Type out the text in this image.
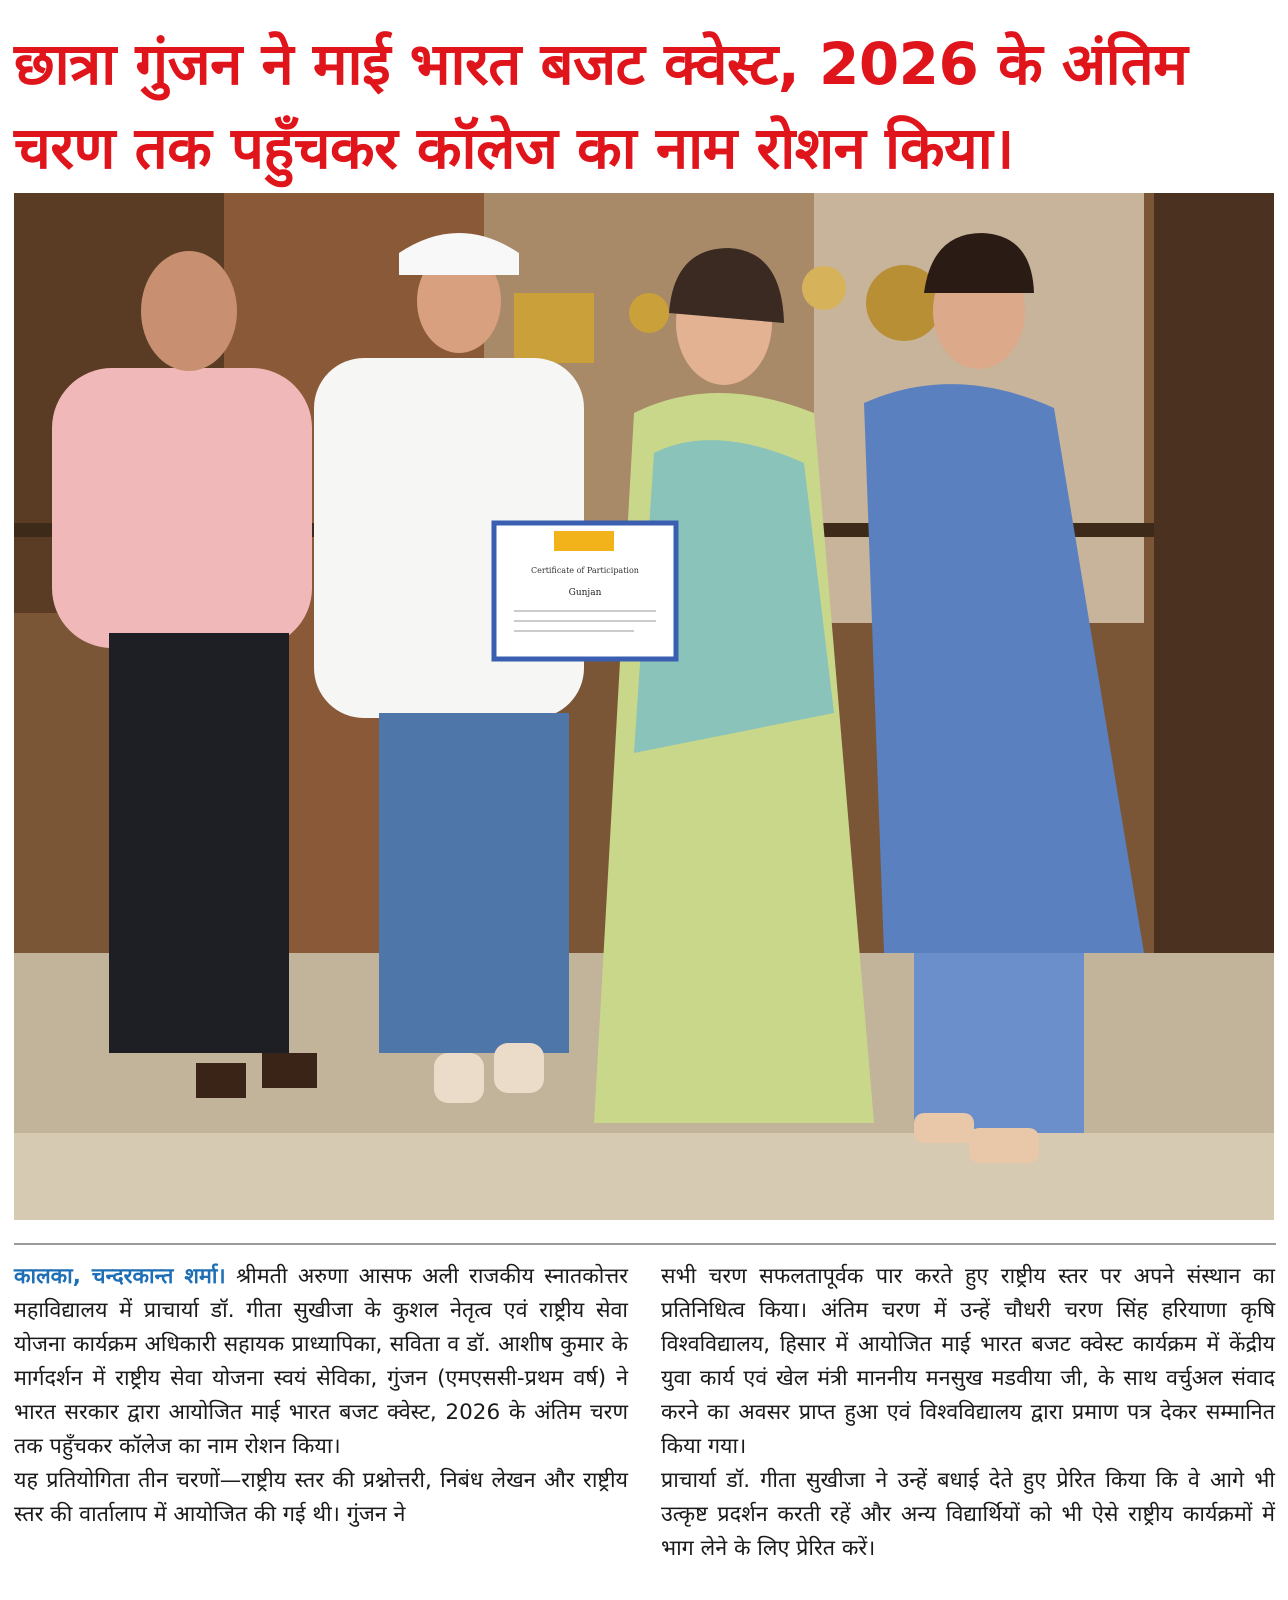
छात्रा गुंजन ने माई भारत बजट क्वेस्ट, 2026 के अंतिम
चरण तक पहुँचकर कॉलेज का नाम रोशन किया।
Certificate of Participation
Gunjan

कालका, चन्दरकान्त शर्मा। श्रीमती अरुणा आसफ अली राजकीय स्नातकोत्तर महाविद्यालय में प्राचार्या डॉ. गीता सुखीजा के कुशल नेतृत्व एवं राष्ट्रीय सेवा योजना कार्यक्रम अधिकारी सहायक प्राध्यापिका, सविता व डॉ. आशीष कुमार के मार्गदर्शन में राष्ट्रीय सेवा योजना स्वयं सेविका, गुंजन (एमएससी-प्रथम वर्ष) ने भारत सरकार द्वारा आयोजित माई भारत बजट क्वेस्ट, 2026 के अंतिम चरण तक पहुँचकर कॉलेज का नाम रोशन किया।

यह प्रतियोगिता तीन चरणों—राष्ट्रीय स्तर की प्रश्नोत्तरी, निबंध लेखन और राष्ट्रीय स्तर की वार्तालाप में आयोजित की गई थी। गुंजन ने

सभी चरण सफलतापूर्वक पार करते हुए राष्ट्रीय स्तर पर अपने संस्थान का प्रतिनिधित्व किया। अंतिम चरण में उन्हें चौधरी चरण सिंह हरियाणा कृषि विश्वविद्यालय, हिसार में आयोजित माई भारत बजट क्वेस्ट कार्यक्रम में केंद्रीय युवा कार्य एवं खेल मंत्री माननीय मनसुख मडवीया जी, के साथ वर्चुअल संवाद करने का अवसर प्राप्त हुआ एवं विश्वविद्यालय द्वारा प्रमाण पत्र देकर सम्मानित किया गया।

प्राचार्या डॉ. गीता सुखीजा ने उन्हें बधाई देते हुए प्रेरित किया कि वे आगे भी उत्कृष्ट प्रदर्शन करती रहें और अन्य विद्यार्थियों को भी ऐसे राष्ट्रीय कार्यक्रमों में भाग लेने के लिए प्रेरित करें।
